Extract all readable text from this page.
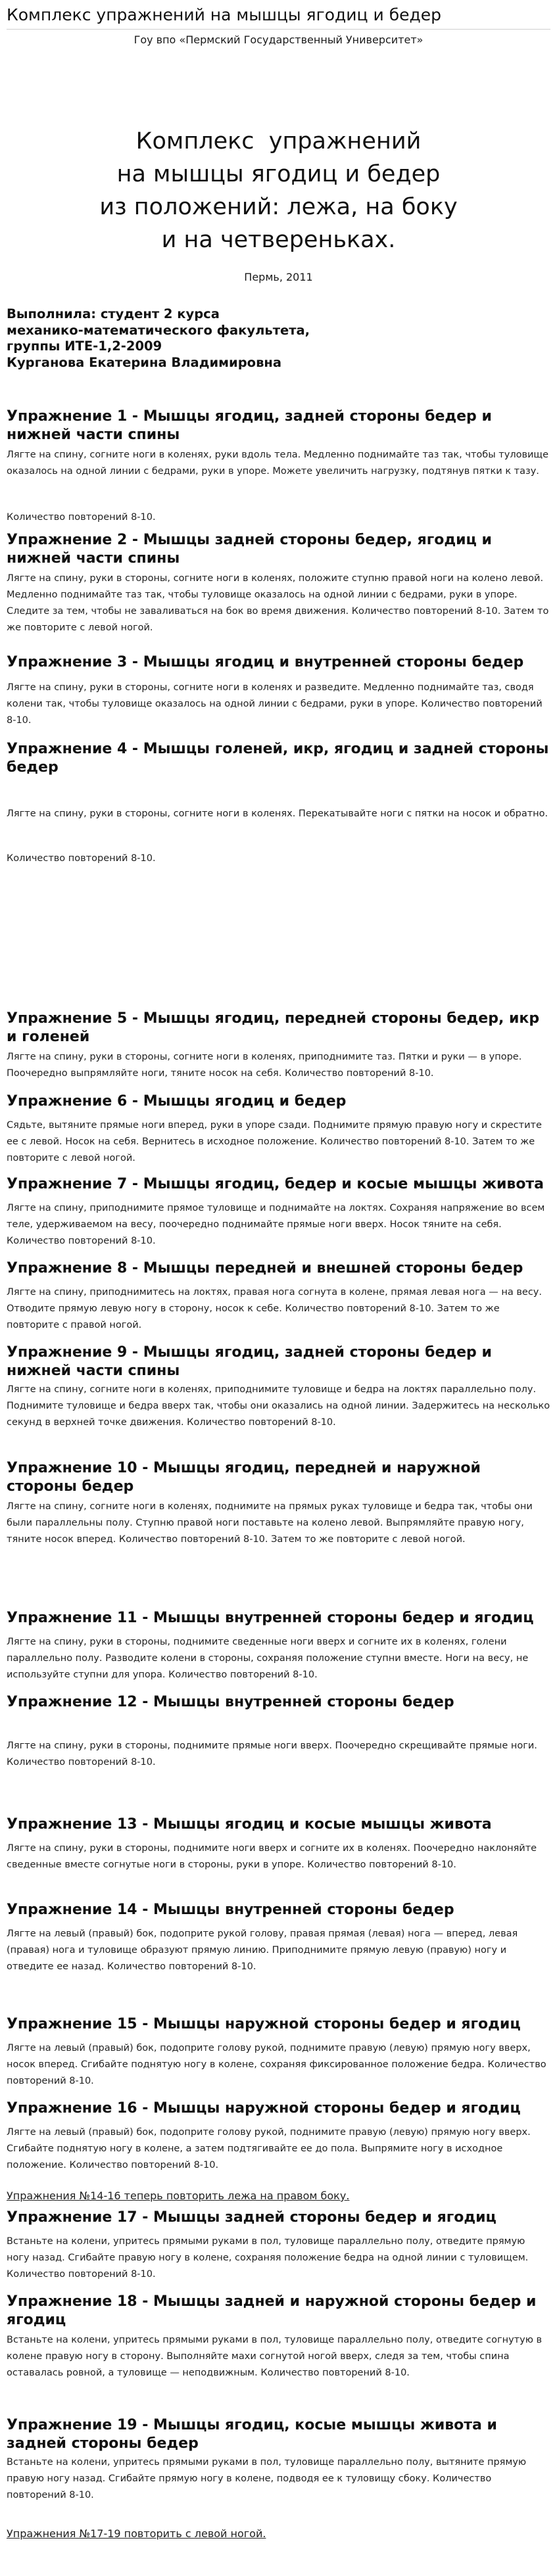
Комплекс упражнений на мышцы ягодиц и бедер
Гоу впо «Пермский Государственный Университет»
Комплекс  упражнений
на мышцы ягодиц и бедер
из положений: лежа, на боку
и на четвереньках.
Пермь, 2011
Выполнила: студент 2 курса
механико-математического факультета,
группы ИТЕ-1,2-2009
Курганова Екатерина Владимировна
Упражнение 1 - Мышцы ягодиц, задней стороны бедер и нижней части спины

Лягте на спину, согните ноги в коленях, руки вдоль тела. Медленно поднимайте таз так, чтобы туловище оказалось на одной линии с бедрами, руки в упоре. Можете увеличить нагрузку, подтянув пятки к тазу.

Количество повторений 8-10.

Упражнение 2 - Мышцы задней стороны бедер, ягодиц и нижней части спины

Лягте на спину, руки в стороны, согните ноги в коленях, положите ступню правой ноги на колено левой. Медленно поднимайте таз так, чтобы туловище оказалось на одной линии с бедрами, руки в упоре. Следите за тем, чтобы не заваливаться на бок во время движения. Количество повторений 8-10. Затем то же повторите с левой ногой.

Упражнение 3 - Мышцы ягодиц и внутренней стороны бедер

Лягте на спину, руки в стороны, согните ноги в коленях и разведите. Медленно поднимайте таз, сводя колени так, чтобы туловище оказалось на одной линии с бедрами, руки в упоре. Количество повторений 8-10.

Упражнение 4 - Мышцы голеней, икр, ягодиц и задней стороны бедер

Лягте на спину, руки в стороны, согните ноги в коленях. Перекатывайте ноги с пятки на носок и обратно.

Количество повторений 8-10.

Упражнение 5 - Мышцы ягодиц, передней стороны бедер, икр и голеней

Лягте на спину, руки в стороны, согните ноги в коленях, приподнимите таз. Пятки и руки — в упоре. Поочередно выпрямляйте ноги, тяните носок на себя. Количество повторений 8-10.

Упражнение 6 - Мышцы ягодиц и бедер

Сядьте, вытяните прямые ноги вперед, руки в упоре сзади. Поднимите прямую правую ногу и скрестите ее с левой. Носок на себя. Вернитесь в исходное положение. Количество повторений 8-10. Затем то же повторите с левой ногой.

Упражнение 7 - Мышцы ягодиц, бедер и косые мышцы живота

Лягте на спину, приподнимите прямое туловище и поднимайте на локтях. Сохраняя напряжение во всем теле, удерживаемом на весу, поочередно поднимайте прямые ноги вверх. Носок тяните на себя. Количество повторений 8-10.

Упражнение 8 - Мышцы передней и внешней стороны бедер

Лягте на спину, приподнимитесь на локтях, правая нога согнута в колене, прямая левая нога — на весу. Отводите прямую левую ногу в сторону, носок к себе. Количество повторений 8-10. Затем то же повторите с правой ногой.

Упражнение 9 - Мышцы ягодиц, задней стороны бедер и нижней части спины

Лягте на спину, согните ноги в коленях, приподнимите туловище и бедра на локтях параллельно полу. Поднимите туловище и бедра вверх так, чтобы они оказались на одной линии. Задержитесь на несколько секунд в верхней точке движения. Количество повторений 8-10.

Упражнение 10 - Мышцы ягодиц, передней и наружной стороны бедер

Лягте на спину, согните ноги в коленях, поднимите на прямых руках туловище и бедра так, чтобы они были параллельны полу. Ступню правой ноги поставьте на колено левой. Выпрямляйте правую ногу, тяните носок вперед. Количество повторений 8-10. Затем то же повторите с левой ногой.

Упражнение 11 - Мышцы внутренней стороны бедер и ягодиц

Лягте на спину, руки в стороны, поднимите сведенные ноги вверх и согните их в коленях, голени параллельно полу. Разводите колени в стороны, сохраняя положение ступни вместе. Ноги на весу, не используйте ступни для упора. Количество повторений 8-10.

Упражнение 12 - Мышцы внутренней стороны бедер

Лягте на спину, руки в стороны, поднимите прямые ноги вверх. Поочередно скрещивайте прямые ноги. Количество повторений 8-10.

Упражнение 13 - Мышцы ягодиц и косые мышцы живота

Лягте на спину, руки в стороны, поднимите ноги вверх и согните их в коленях. Поочередно наклоняйте сведенные вместе согнутые ноги в стороны, руки в упоре. Количество повторений 8-10.

Упражнение 14 - Мышцы внутренней стороны бедер

Лягте на левый (правый) бок, подоприте рукой голову, правая прямая (левая) нога — вперед, левая (правая) нога и туловище образуют прямую линию. Приподнимите прямую левую (правую) ногу и отведите ее назад. Количество повторений 8-10.

Упражнение 15 - Мышцы наружной стороны бедер и ягодиц

Лягте на левый (правый) бок, подоприте голову рукой, поднимите правую (левую) прямую ногу вверх, носок вперед. Сгибайте поднятую ногу в колене, сохраняя фиксированное положение бедра. Количество повторений 8-10.

Упражнение 16 - Мышцы наружной стороны бедер и ягодиц

Лягте на левый (правый) бок, подоприте голову рукой, поднимите правую (левую) прямую ногу вверх. Сгибайте поднятую ногу в колене, а затем подтягивайте ее до пола. Выпрямите ногу в исходное положение. Количество повторений 8-10.

Упражнения №14-16 теперь повторить лежа на правом боку.

Упражнение 17 - Мышцы задней стороны бедер и ягодиц

Встаньте на колени, упритесь прямыми руками в пол, туловище параллельно полу, отведите прямую ногу назад. Сгибайте правую ногу в колене, сохраняя положение бедра на одной линии с туловищем. Количество повторений 8-10.

Упражнение 18 - Мышцы задней и наружной стороны бедер и ягодиц

Встаньте на колени, упритесь прямыми руками в пол, туловище параллельно полу, отведите согнутую в колене правую ногу в сторону. Выполняйте махи согнутой ногой вверх, следя за тем, чтобы спина оставалась ровной, а туловище — неподвижным. Количество повторений 8-10.

Упражнение 19 - Мышцы ягодиц, косые мышцы живота и задней стороны бедер

Встаньте на колени, упритесь прямыми руками в пол, туловище параллельно полу, вытяните прямую правую ногу назад. Сгибайте прямую ногу в колене, подводя ее к туловищу сбоку. Количество повторений 8-10.

Упражнения №17-19 повторить с левой ногой.
